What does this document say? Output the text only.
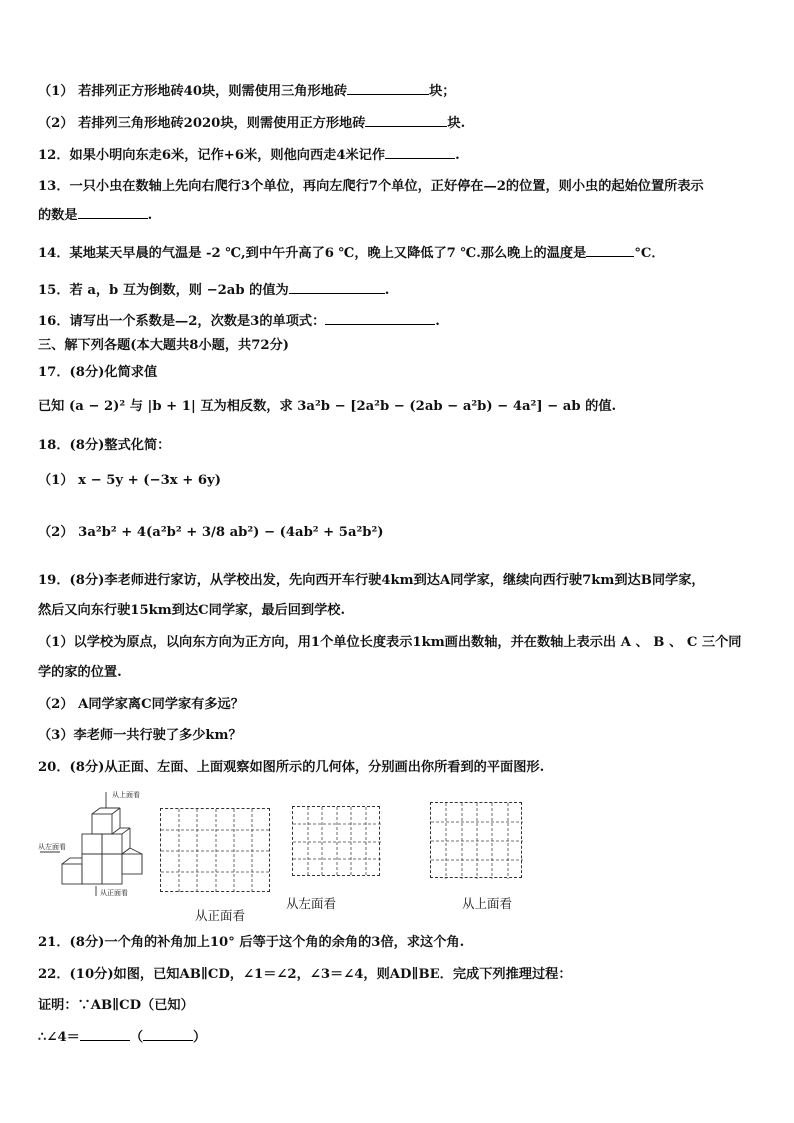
（1） 若排列正方形地砖40块，则需使用三角形地砖	块；
（2） 若排列三角形地砖2020块，则需使用正方形地砖	块.
12．如果小明向东走6米，记作+6米，则他向西走4米记作	.
13．一只小虫在数轴上先向右爬行3个单位，再向左爬行7个单位，正好停在—2的位置，则小虫的起始位置所表示
的数是	.
14．某地某天早晨的气温是 -2 ℃,到中午升高了6 ℃，晚上又降低了7 ℃.那么晚上的温度是	°C．
15．若 a，b 互为倒数，则 −2ab 的值为	.
16．请写出一个系数是—2，次数是3的单项式：	.
三、解下列各题(本大题共8小题，共72分)
17．(8分)化简求值
已知 (a − 2)² 与 |b + 1| 互为相反数，求 3a²b − [2a²b − (2ab − a²b) − 4a²] − ab 的值.
18．(8分)整式化简：
（1） x − 5y + (−3x + 6y)
（2） 3a²b² + 4(a²b² + 3/8 ab²) − (4ab² + 5a²b²)
19．(8分)李老师进行家访，从学校出发，先向西开车行驶4km到达A同学家，继续向西行驶7km到达B同学家，
然后又向东行驶15km到达C同学家，最后回到学校.
（1）以学校为原点，以向东方向为正方向，用1个单位长度表示1km画出数轴，并在数轴上表示出 A 、 B 、 C 三个同
学的家的位置.
（2） A同学家离C同学家有多远？
（3）李老师一共行驶了多少km？
20．(8分)从正面、左面、上面观察如图所示的几何体，分别画出你所看到的平面图形.
从上面看
从左面看
从正面看
从正面看
从左面看	从上面看
21．(8分)一个角的补角加上10° 后等于这个角的余角的3倍，求这个角.
22．(10分)如图，已知AB∥CD，∠1＝∠2，∠3＝∠4，则AD∥BE．完成下列推理过程：
证明：∵AB∥CD（已知）
∴∠4＝	（	）
